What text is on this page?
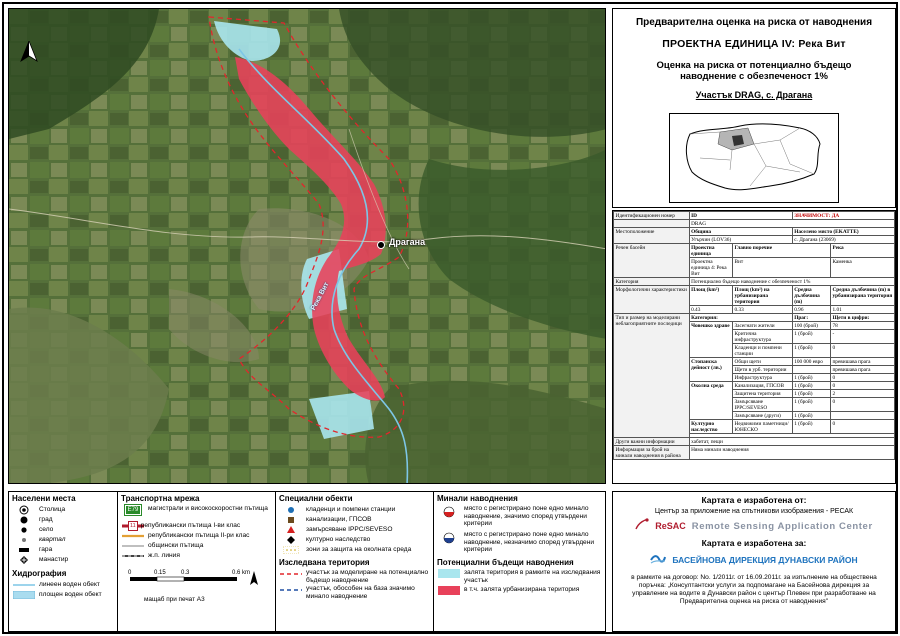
Драгана
Река Вит
Предварителна оценка на риска от наводнения
ПРОЕКТНА ЕДИНИЦА IV: Река Вит
Оценка на риска от потенциално бъдещо наводнение с обезпеченост 1%
Участък DRAG, с. Драгана
Идентификационен номер	ID		ЗНАЧИМОСТ: ДА	
	DRAG			
Местоположение	Община		Населено място (EKATTE)	
	Угърчин (LOV36)		с. Драгана (23069)	
Речен басейн	Проектна единица	Главно поречие		Река
	Проектна единица 4: Река Вит	Вит		Каменка
Категория	Потенциално бъдещо наводнение с обезпеченост 1%			
Морфологични характеристики	Площ (km²)	Площ (km²) на урбанизирана територия	Средна дълбочина (m)	Средна дълбочина (m) в урбанизирана територия
	0.43	0.33	0.96	1.01
Тип и размер на моделирани неблагоприятните последици	Категория:		Праг:	Щети в цифри:
	Човешко здраве	Засегнати жители	100 (брой)	78
		Критична инфраструктура	1 (брой)	-
		Кладенци и помпени станции	1 (брой)	0
	Стопанска дейност (лв.)	Общи щети	100 000 евро	превишава прага
		Щети в урб. територии		превишава прага
		Инфраструктура	1 (брой)	0
	Околна среда	Канализация, ГПСОВ	1 (брой)	0
		Защитена територия	1 (брой)	2
		Замърсяване IPPC/SEVESO	1 (брой)	0
		Замърсяване (други)	1 (брой)	
	Културно наследство	Недвижими паметници/ЮНЕСКО	1 (брой)	0

Други важни информации	хабитат, пещи			
Информация за брой на минали наводнения в района	Няма минали наводнения			
Картата е изработена от:
Център за приложение на спътникови изображения - РЕСАК
ReSAC Remote Sensing Application Center
Картата е изработена за:
БАСЕЙНОВА ДИРЕКЦИЯ ДУНАВСКИ РАЙОН
в рамките на договор: No. 1/2011г. от 16.09.2011г. за изпълнение на обществена поръчка: „Консултантски услуги за подпомагане на Басейнова дирекция за управление на водите в Дунавски район с център Плевен при разработване на Предварителна оценка на риска от наводнения"
Населени места
Столица
град
село
квартал
гара
манастир
Хидрография
линеен воден обект
площен воден обект
Транспортна мрежа
E79	магистрали и високоскоростни пътища
11 републикански пътища I-ви клас
републикански пътища II-ри клас
общински пътища
ж.п. линия
0	0.15	0.3	0.6 km
мащаб при печат A3
Специални обекти
кладенци и помпени станции
канализации, ГПСОВ
замърсяване IPPC/SEVESO
културно наследство
зони за защита на околната среда
Изследвана територия
участък за моделиране на потенциално бъдещо наводнение
участък, обособен на база значимо минало наводнение
Минали наводнения
място с регистрирано поне едно минало наводнение, значимо според утвърдени критерии
място с регистрирано поне едно минало наводнение, незначимо според утвърдени критерии
Потенциални бъдещи наводнения
залята територия в рамките на изследвания участък
в т.ч. залята урбанизирана територия
